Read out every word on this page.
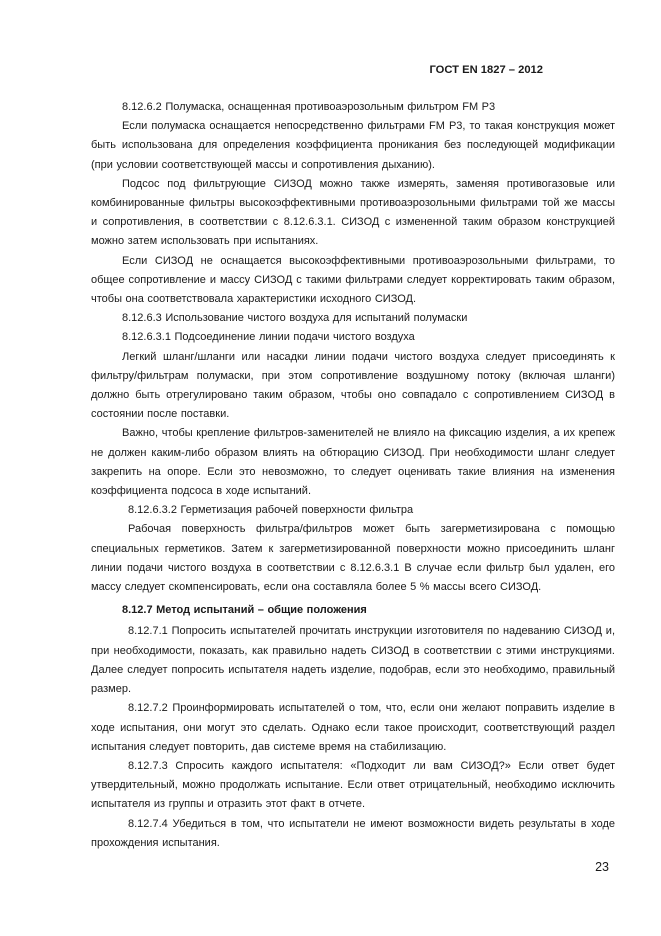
ГОСТ EN 1827 – 2012

8.12.6.2 Полумаска, оснащенная противоаэрозольным фильтром FM P3

Если полумаска оснащается непосредственно фильтрами FM P3, то такая конструкция может быть использована для определения коэффициента проникания без последующей модификации (при условии соответствующей массы и сопротивления дыханию).

Подсос под фильтрующие СИЗОД можно также измерять, заменяя противогазовые или комбинированные фильтры высокоэффективными противоаэрозольными фильтрами той же массы и сопротивления, в соответствии с 8.12.6.3.1. СИЗОД с измененной таким образом конструкцией можно затем использовать при испытаниях.

Если СИЗОД не оснащается высокоэффективными противоаэрозольными фильтрами, то общее сопротивление и массу СИЗОД с такими фильтрами следует корректировать таким образом, чтобы она соответствовала характеристики исходного СИЗОД.

8.12.6.3 Использование чистого воздуха для испытаний полумаски

8.12.6.3.1 Подсоединение линии подачи чистого воздуха

Легкий шланг/шланги или насадки линии подачи чистого воздуха следует присоединять к фильтру/фильтрам полумаски, при этом сопротивление воздушному потоку (включая шланги) должно быть отрегулировано таким образом, чтобы оно совпадало с сопротивлением СИЗОД в состоянии после поставки.

Важно, чтобы крепление фильтров-заменителей не влияло на фиксацию изделия, а их крепеж не должен каким-либо образом влиять на обтюрацию СИЗОД. При необходимости шланг следует закрепить на опоре. Если это невозможно, то следует оценивать такие влияния на изменения коэффициента подсоса в ходе испытаний.

8.12.6.3.2 Герметизация рабочей поверхности фильтра

Рабочая поверхность фильтра/фильтров может быть загерметизирована с помощью специальных герметиков. Затем к загерметизированной поверхности можно присоединить шланг линии подачи чистого воздуха в соответствии с 8.12.6.3.1 В случае если фильтр был удален, его массу следует скомпенсировать, если она составляла более 5 % массы всего СИЗОД.

8.12.7 Метод испытаний – общие положения

8.12.7.1 Попросить испытателей прочитать инструкции изготовителя по надеванию СИЗОД и, при необходимости, показать, как правильно надеть СИЗОД в соответствии с этими инструкциями. Далее следует попросить испытателя надеть изделие, подобрав, если это необходимо, правильный размер.

8.12.7.2 Проинформировать испытателей о том, что, если они желают поправить изделие в ходе испытания, они могут это сделать. Однако если такое происходит, соответствующий раздел испытания следует повторить, дав системе время на стабилизацию.

8.12.7.3 Спросить каждого испытателя: «Подходит ли вам СИЗОД?» Если ответ будет утвердительный, можно продолжать испытание. Если ответ отрицательный, необходимо исключить испытателя из группы и отразить этот факт в отчете.

8.12.7.4 Убедиться в том, что испытатели не имеют возможности видеть результаты в ходе прохождения испытания.

23
